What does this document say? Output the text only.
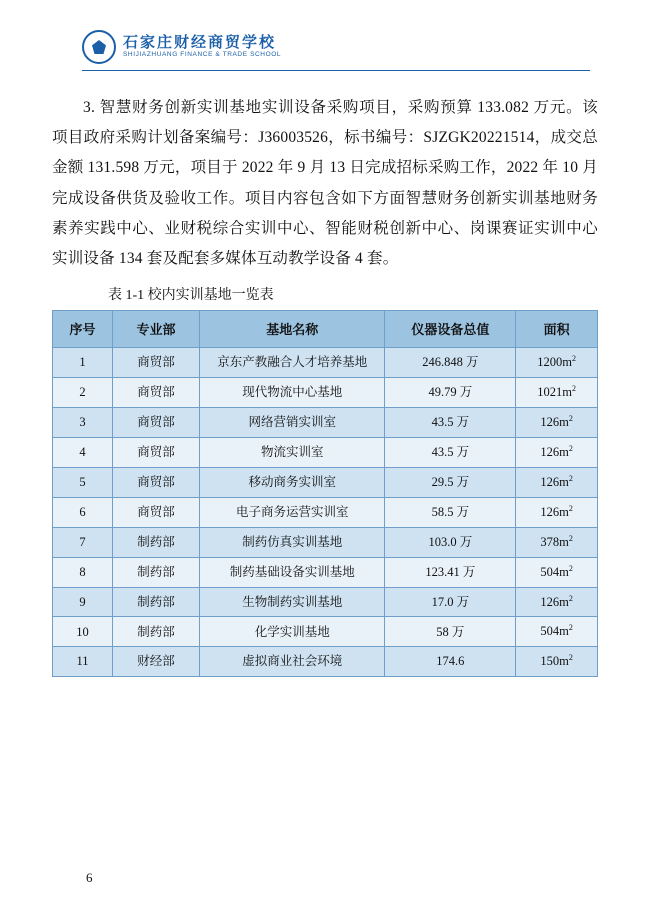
石家庄财经商贸学校
SHIJIAZHUANG FINANCE & TRADE SCHOOL

3. 智慧财务创新实训基地实训设备采购项目，采购预算 133.082 万元。该项目政府采购计划备案编号：J36003526，标书编号：SJZGK20221514，成交总金额 131.598 万元，项目于 2022 年 9 月 13 日完成招标采购工作，2022 年 10 月完成设备供货及验收工作。项目内容包含如下方面智慧财务创新实训基地财务素养实践中心、业财税综合实训中心、智能财税创新中心、岗课赛证实训中心实训设备 134 套及配套多媒体互动教学设备 4 套。

表 1-1 校内实训基地一览表
序号	专业部	基地名称	仪器设备总值	面积
1	商贸部	京东产教融合人才培养基地	246.848 万	$1200m^2$
2	商贸部	现代物流中心基地	49.79 万	$1021m^2$
3	商贸部	网络营销实训室	43.5 万	$126m^2$
4	商贸部	物流实训室	43.5 万	$126m^2$
5	商贸部	移动商务实训室	29.5 万	$126m^2$
6	商贸部	电子商务运营实训室	58.5 万	$126m^2$
7	制药部	制药仿真实训基地	103.0 万	$378m^2$
8	制药部	制药基础设备实训基地	123.41 万	$504m^2$
9	制药部	生物制药实训基地	17.0 万	$126m^2$
10	制药部	化学实训基地	58 万	$504m^2$
11	财经部	虚拟商业社会环境	174.6	$150m^2$
6
